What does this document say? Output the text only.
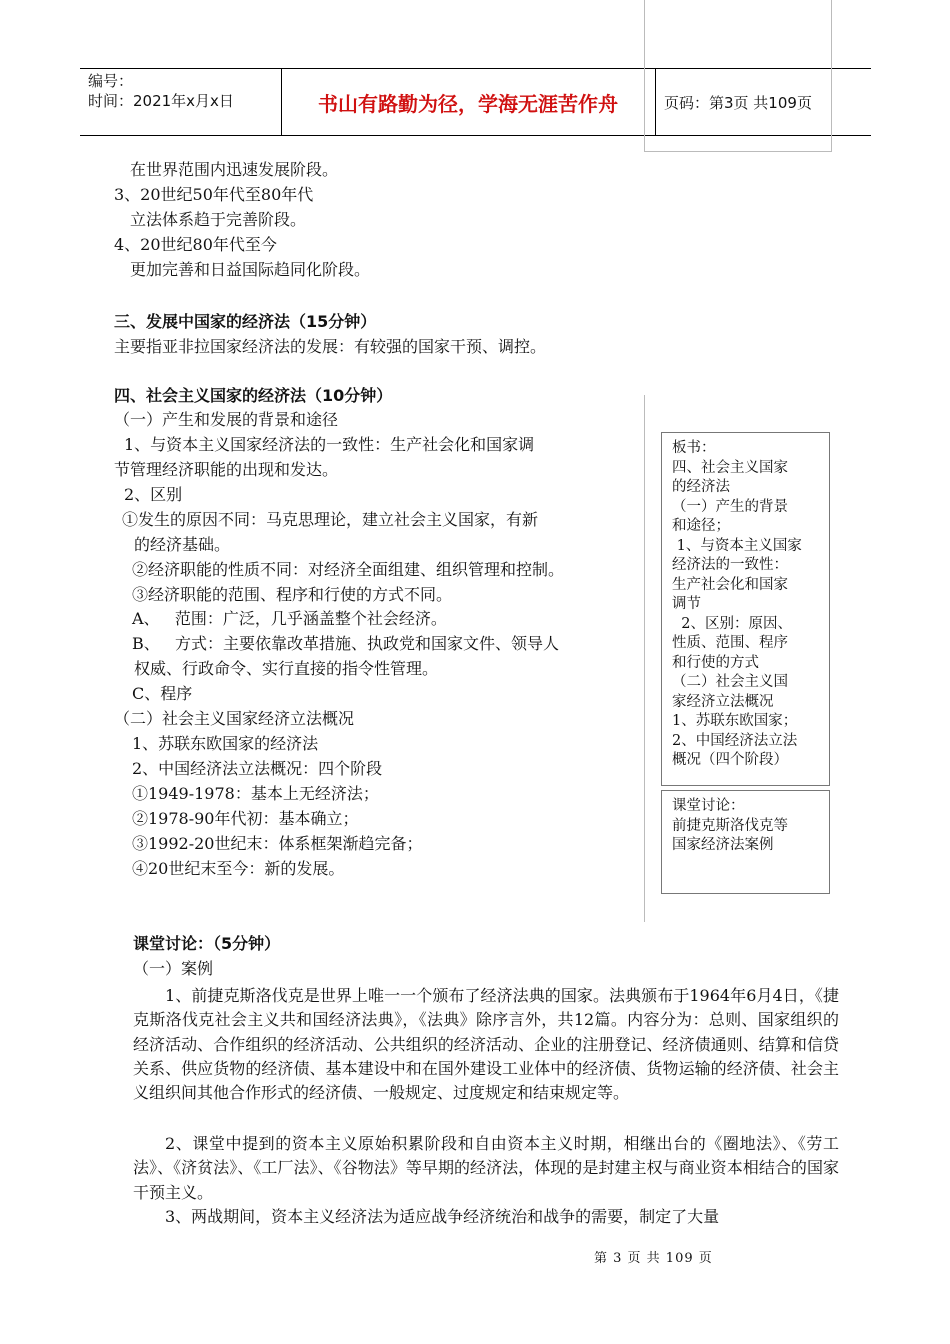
编号：
时间：2021年x月x日	书山有路勤为径，学海无涯苦作舟	页码：第3页 共109页
在世界范围内迅速发展阶段。
3、20世纪50年代至80年代
立法体系趋于完善阶段。
4、20世纪80年代至今
更加完善和日益国际趋同化阶段。
三、发展中国家的经济法（15分钟）
主要指亚非拉国家经济法的发展：有较强的国家干预、调控。
四、社会主义国家的经济法（10分钟）
（一）产生和发展的背景和途径
1、与资本主义国家经济法的一致性：生产社会化和国家调
节管理经济职能的出现和发达。
2、区别
①发生的原因不同：马克思理论，建立社会主义国家，有新
的经济基础。
②经济职能的性质不同：对经济全面组建、组织管理和控制。
③经济职能的范围、程序和行使的方式不同。
A、   范围：广泛，几乎涵盖整个社会经济。
B、   方式：主要依靠改革措施、执政党和国家文件、领导人
权威、行政命令、实行直接的指令性管理。
C、程序
（二）社会主义国家经济立法概况
1、苏联东欧国家的经济法
2、中国经济法立法概况：四个阶段
①1949-1978：基本上无经济法；
②1978-90年代初：基本确立；
③1992-20世纪末：体系框架渐趋完备；
④20世纪末至今：新的发展。
课堂讨论：（5分钟）
（一）案例
1、前捷克斯洛伐克是世界上唯一一个颁布了经济法典的国家。法典颁布于1964年6月4日，《捷克斯洛伐克社会主义共和国经济法典》，《法典》除序言外，共12篇。内容分为：总则、国家组织的经济活动、合作组织的经济活动、公共组织的经济活动、企业的注册登记、经济债通则、结算和信贷关系、供应货物的经济债、基本建设中和在国外建设工业体中的经济债、货物运输的经济债、社会主义组织间其他合作形式的经济债、一般规定、过度规定和结束规定等。
2、课堂中提到的资本主义原始积累阶段和自由资本主义时期，相继出台的《圈地法》、《劳工法》、《济贫法》、《工厂法》、《谷物法》等早期的经济法，体现的是封建主权与商业资本相结合的国家干预主义。
3、两战期间，资本主义经济法为适应战争经济统治和战争的需要，制定了大量
板书：
四、社会主义国家
的经济法
（一）产生的背景
和途径；
1、与资本主义国家
经济法的一致性：
生产社会化和国家
调节
2、区别：原因、
性质、范围、程序
和行使的方式
（二）社会主义国
家经济立法概况
1、苏联东欧国家；
2、中国经济法立法
概况（四个阶段）
课堂讨论：
前捷克斯洛伐克等
国家经济法案例
第 3 页 共 109 页
